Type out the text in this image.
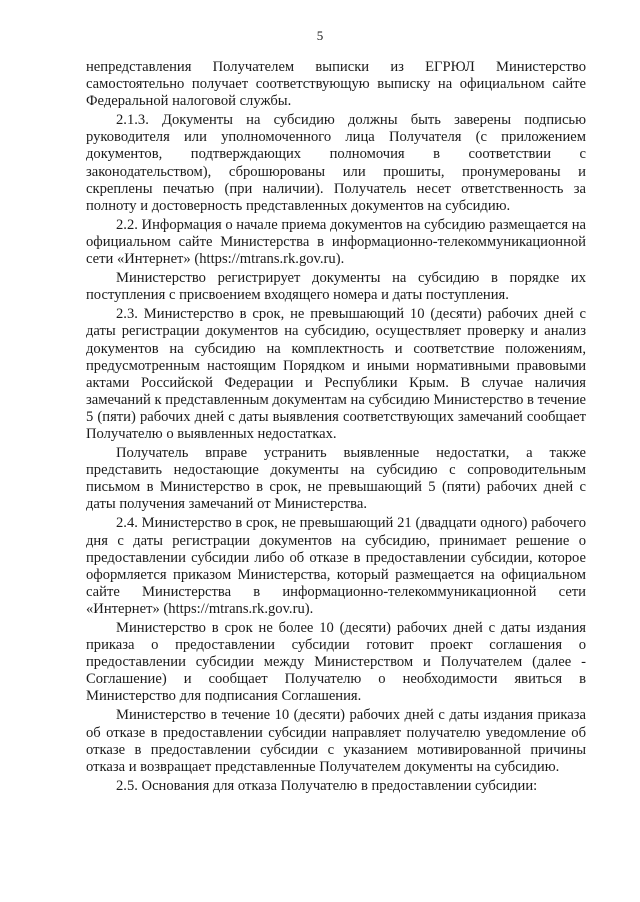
5

непредставления Получателем выписки из ЕГРЮЛ Министерство самостоятельно получает соответствующую выписку на официальном сайте Федеральной налоговой службы.

2.1.3. Документы на субсидию должны быть заверены подписью руководителя или уполномоченного лица Получателя (с приложением документов, подтверждающих полномочия в соответствии с законодательством), сброшюрованы или прошиты, пронумерованы и скреплены печатью (при наличии). Получатель несет ответственность за полноту и достоверность представленных документов на субсидию.

2.2. Информация о начале приема документов на субсидию размещается на официальном сайте Министерства в информационно-телекоммуникационной сети «Интернет» (https://mtrans.rk.gov.ru).

Министерство регистрирует документы на субсидию в порядке их поступления с присвоением входящего номера и даты поступления.

2.3. Министерство в срок, не превышающий 10 (десяти) рабочих дней с даты регистрации документов на субсидию, осуществляет проверку и анализ документов на субсидию на комплектность и соответствие положениям, предусмотренным настоящим Порядком и иными нормативными правовыми актами Российской Федерации и Республики Крым. В случае наличия замечаний к представленным документам на субсидию Министерство в течение 5 (пяти) рабочих дней с даты выявления соответствующих замечаний сообщает Получателю о выявленных недостатках.

Получатель вправе устранить выявленные недостатки, а также представить недостающие документы на субсидию с сопроводительным письмом в Министерство в срок, не превышающий 5 (пяти) рабочих дней с даты получения замечаний от Министерства.

2.4. Министерство в срок, не превышающий 21 (двадцати одного) рабочего дня с даты регистрации документов на субсидию, принимает решение о предоставлении субсидии либо об отказе в предоставлении субсидии, которое оформляется приказом Министерства, который размещается на официальном сайте Министерства в информационно-телекоммуникационной сети «Интернет» (https://mtrans.rk.gov.ru).

Министерство в срок не более 10 (десяти) рабочих дней с даты издания приказа о предоставлении субсидии готовит проект соглашения о предоставлении субсидии между Министерством и Получателем (далее - Соглашение) и сообщает Получателю о необходимости явиться в Министерство для подписания Соглашения.

Министерство в течение 10 (десяти) рабочих дней с даты издания приказа об отказе в предоставлении субсидии направляет получателю уведомление об отказе в предоставлении субсидии с указанием мотивированной причины отказа и возвращает представленные Получателем документы на субсидию.

2.5. Основания для отказа Получателю в предоставлении субсидии:
